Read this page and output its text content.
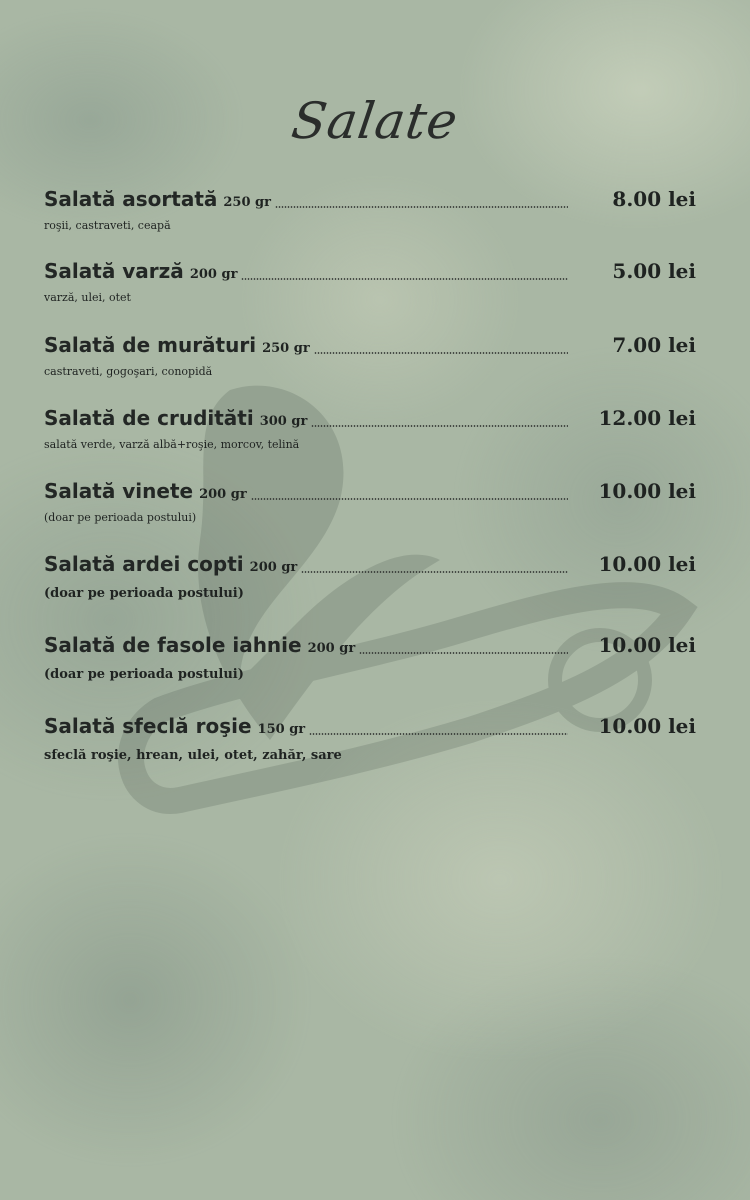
Salate
Salată asortată 250 gr	8.00 lei
roşii, castraveti, ceapă
Salată varză 200 gr	5.00 lei
varză, ulei, otet
Salată de murături 250 gr	7.00 lei
castraveti, gogoşari, conopidă
Salată de crudităti 300 gr	12.00 lei
salată verde, varză albă+roşie, morcov, telină
Salată vinete 200 gr	10.00 lei
(doar pe perioada postului)
Salată ardei copti 200 gr	10.00 lei
(doar pe perioada postului)
Salată de fasole iahnie 200 gr	10.00 lei
(doar pe perioada postului)
Salată sfeclă roşie 150 gr	10.00 lei
sfeclă roşie, hrean, ulei, otet, zahăr, sare
